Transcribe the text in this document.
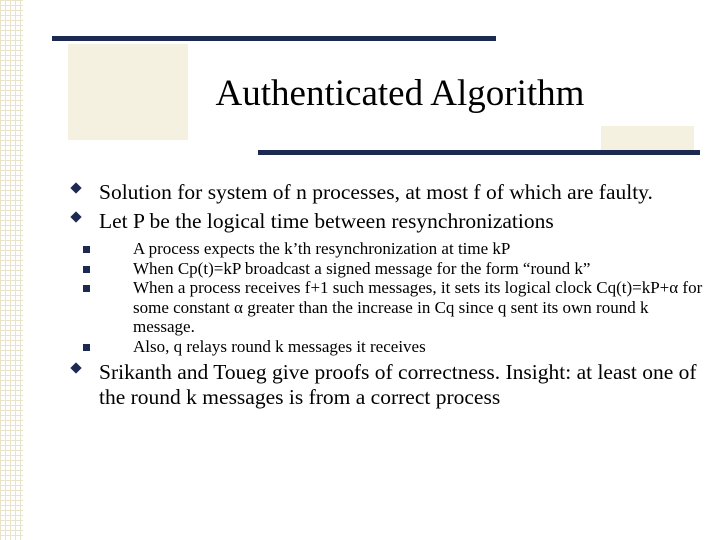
Authenticated Algorithm
Solution for system of n processes, at most f of which are faulty.
Let P be the logical time between resynchronizations
A process expects the k’th resynchronization at time kP
When Cp(t)=kP broadcast a signed message for the form “round k”
When a process receives f+1 such messages, it sets its logical clock Cq(t)=kP+α for some constant α greater than the increase in Cq since q sent its own round k message.
Also, q relays round k messages it receives
Srikanth and Toueg give proofs of correctness. Insight: at least one of the round k messages is from a correct process
